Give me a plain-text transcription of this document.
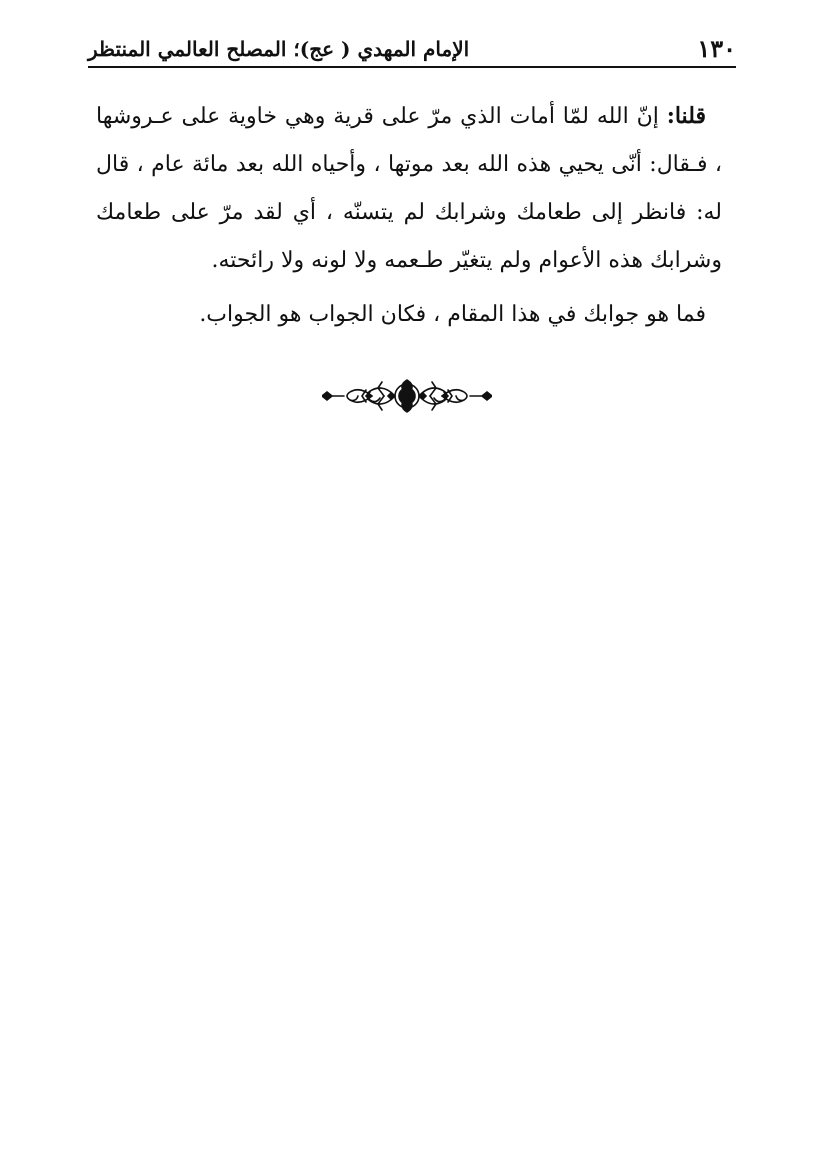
١٣٠
الإمام المهدي ( عج)؛ المصلح العالمي المنتظر

قلنا: إنّ الله لمّا أمات الذي مرّ على قرية وهي خاوية على عـروشها ، فـقال: أنّى يحيي هذه الله بعد موتها ، وأحياه الله بعد مائة عام ، قال له: فانظر إلى طعامك وشرابك لم يتسنّه ، أي لقد مرّ على طعامك وشرابك هذه الأعوام ولم يتغيّر طـعمه ولا لونه ولا رائحته.

فما هو جوابك في هذا المقام ، فكان الجواب هو الجواب.
